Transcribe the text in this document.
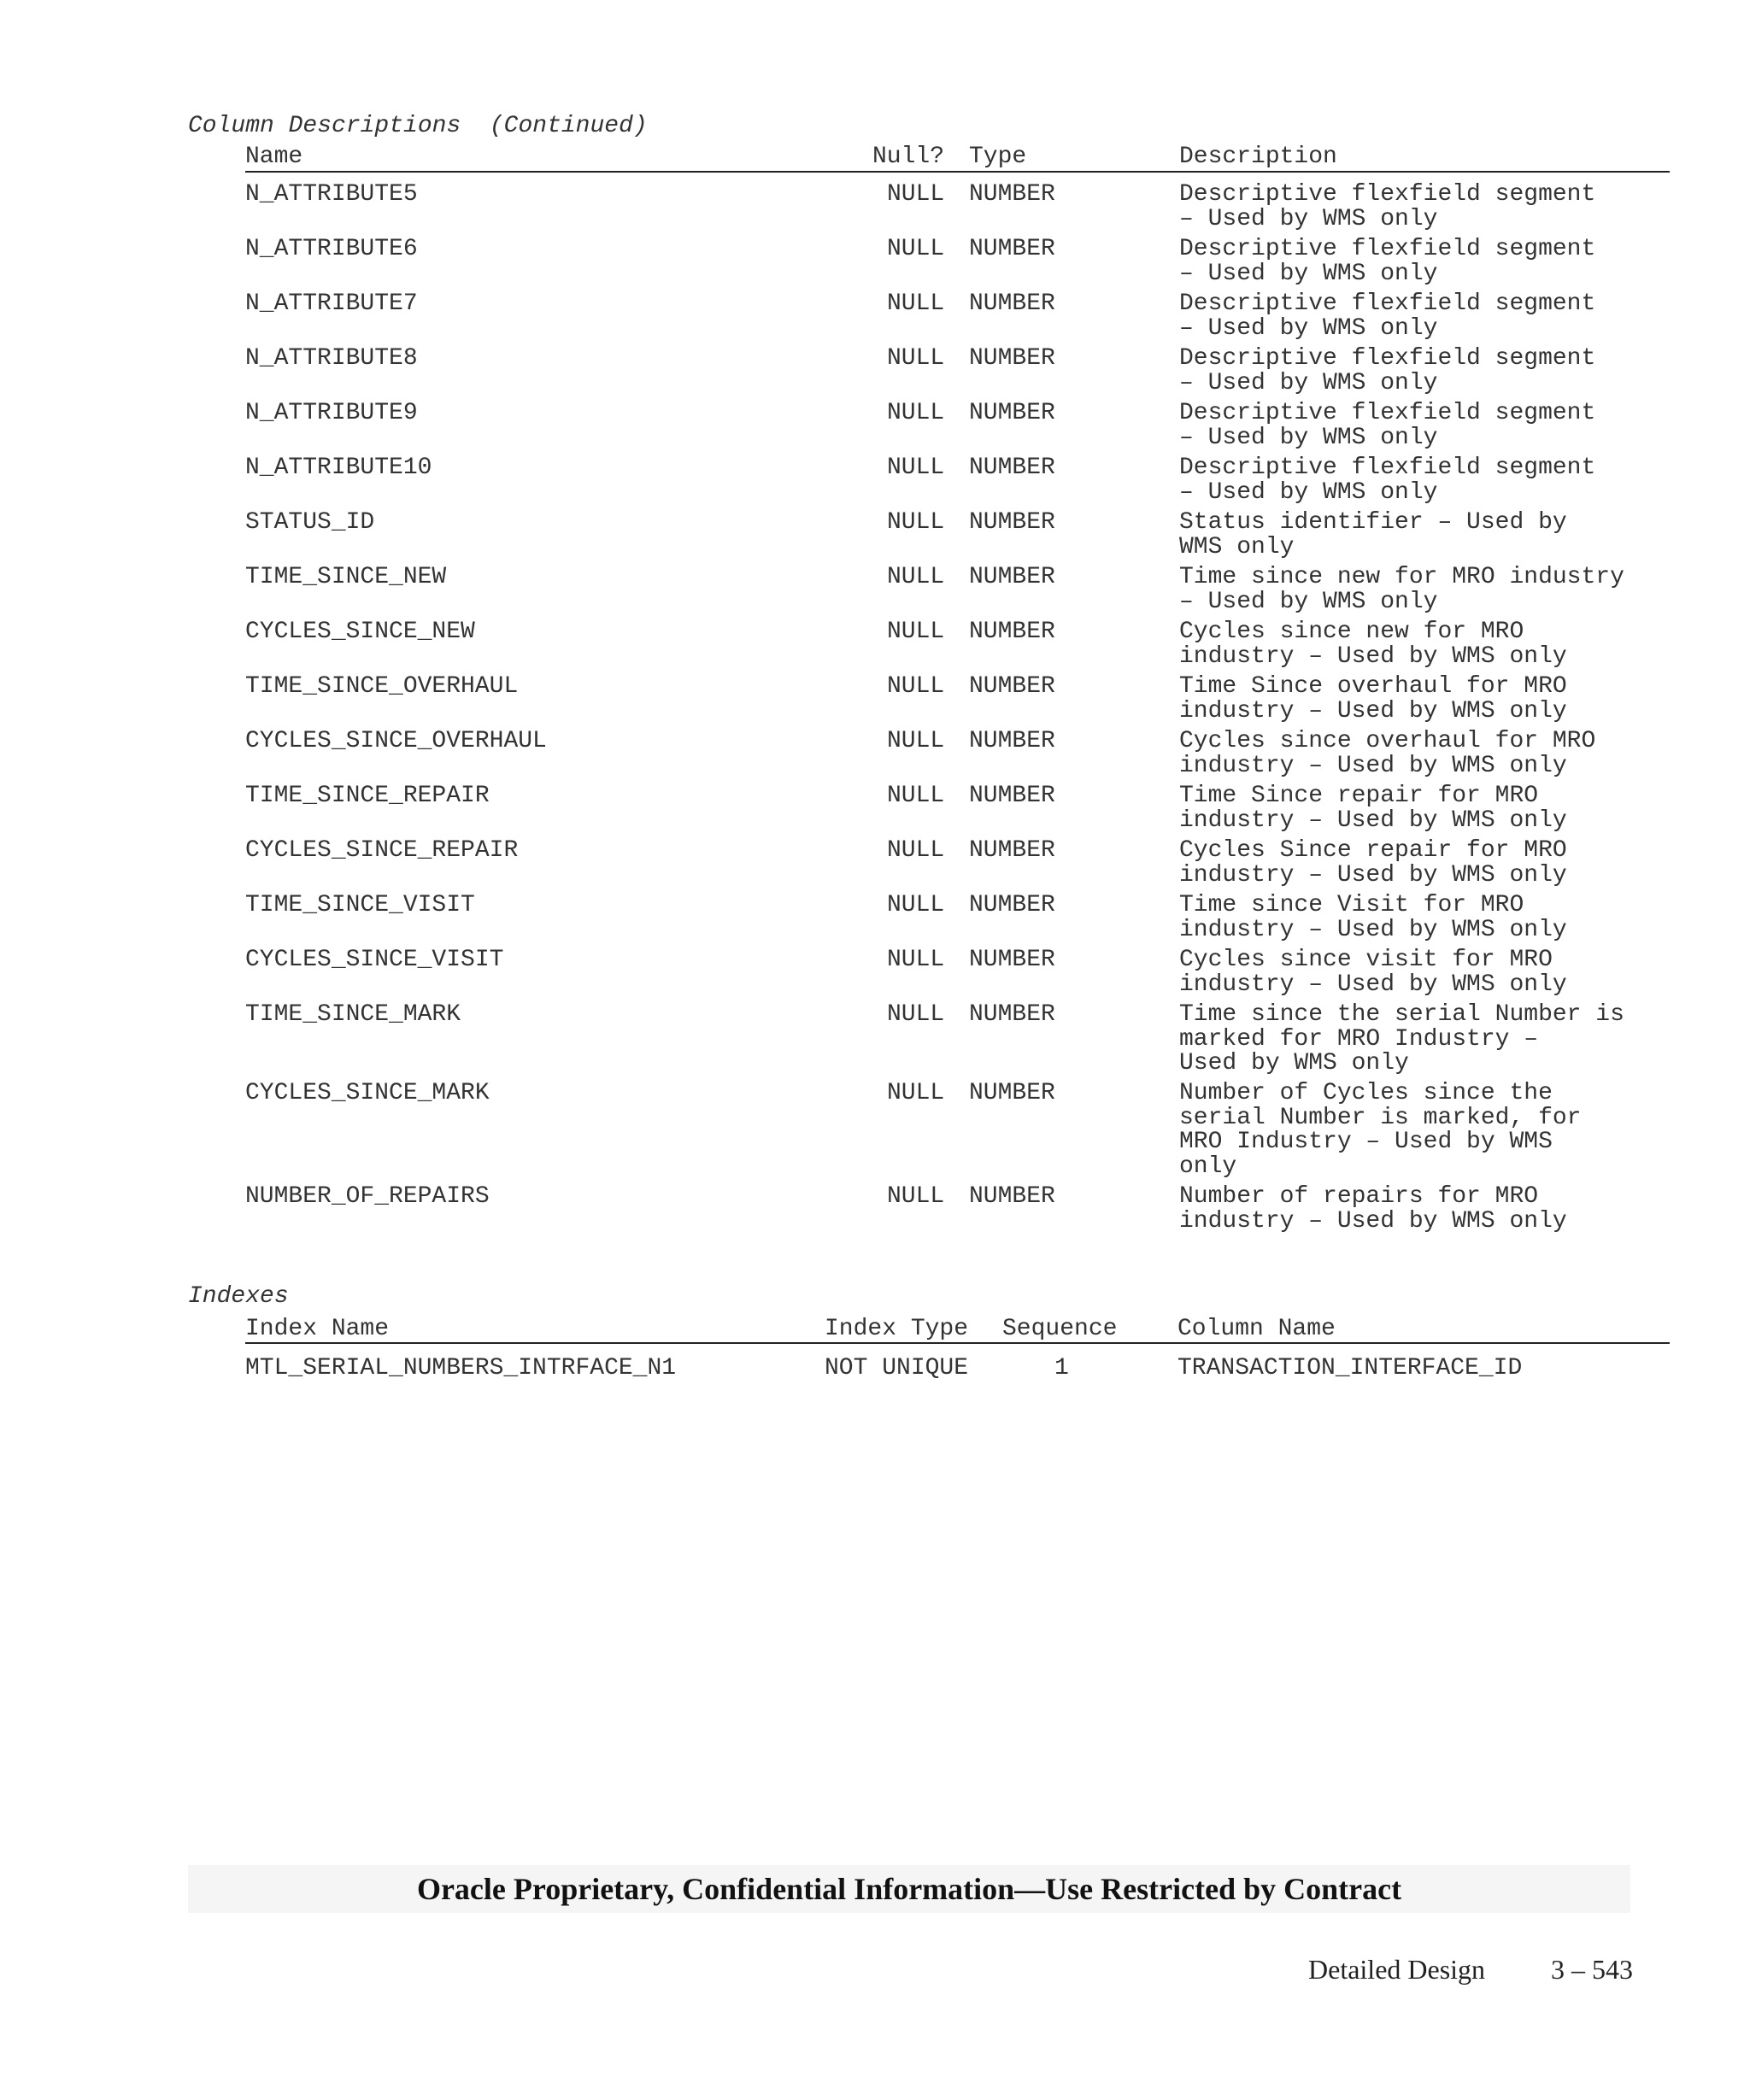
Column Descriptions  (Continued)
Name	Null? Type	Description
N_ATTRIBUTE5	NULL NUMBER	Descriptive flexfield segment
– Used by WMS only
N_ATTRIBUTE6	NULL NUMBER	Descriptive flexfield segment
– Used by WMS only
N_ATTRIBUTE7	NULL NUMBER	Descriptive flexfield segment
– Used by WMS only
N_ATTRIBUTE8	NULL NUMBER	Descriptive flexfield segment
– Used by WMS only
N_ATTRIBUTE9	NULL NUMBER	Descriptive flexfield segment
– Used by WMS only
N_ATTRIBUTE10	NULL NUMBER	Descriptive flexfield segment
– Used by WMS only
STATUS_ID	NULL NUMBER	Status identifier – Used by
WMS only
TIME_SINCE_NEW	NULL NUMBER	Time since new for MRO industry
– Used by WMS only
CYCLES_SINCE_NEW	NULL NUMBER	Cycles since new for MRO
industry – Used by WMS only
TIME_SINCE_OVERHAUL	NULL NUMBER	Time Since overhaul for MRO
industry – Used by WMS only
CYCLES_SINCE_OVERHAUL	NULL NUMBER	Cycles since overhaul for MRO
industry – Used by WMS only
TIME_SINCE_REPAIR	NULL NUMBER	Time Since repair for MRO
industry – Used by WMS only
CYCLES_SINCE_REPAIR	NULL NUMBER	Cycles Since repair for MRO
industry – Used by WMS only
TIME_SINCE_VISIT	NULL NUMBER	Time since Visit for MRO
industry – Used by WMS only
CYCLES_SINCE_VISIT	NULL NUMBER	Cycles since visit for MRO
industry – Used by WMS only
TIME_SINCE_MARK	NULL NUMBER	Time since the serial Number is
marked for MRO Industry –
Used by WMS only
CYCLES_SINCE_MARK	NULL NUMBER	Number of Cycles since the
serial Number is marked, for
MRO Industry – Used by WMS
only
NUMBER_OF_REPAIRS	NULL NUMBER	Number of repairs for MRO
industry – Used by WMS only
Indexes
Index Name	Index Type Sequence	Column Name
MTL_SERIAL_NUMBERS_INTRFACE_N1	NOT UNIQUE	1	TRANSACTION_INTERFACE_ID
Oracle Proprietary, Confidential Information––Use Restricted by Contract
Detailed Design 3 – 543
